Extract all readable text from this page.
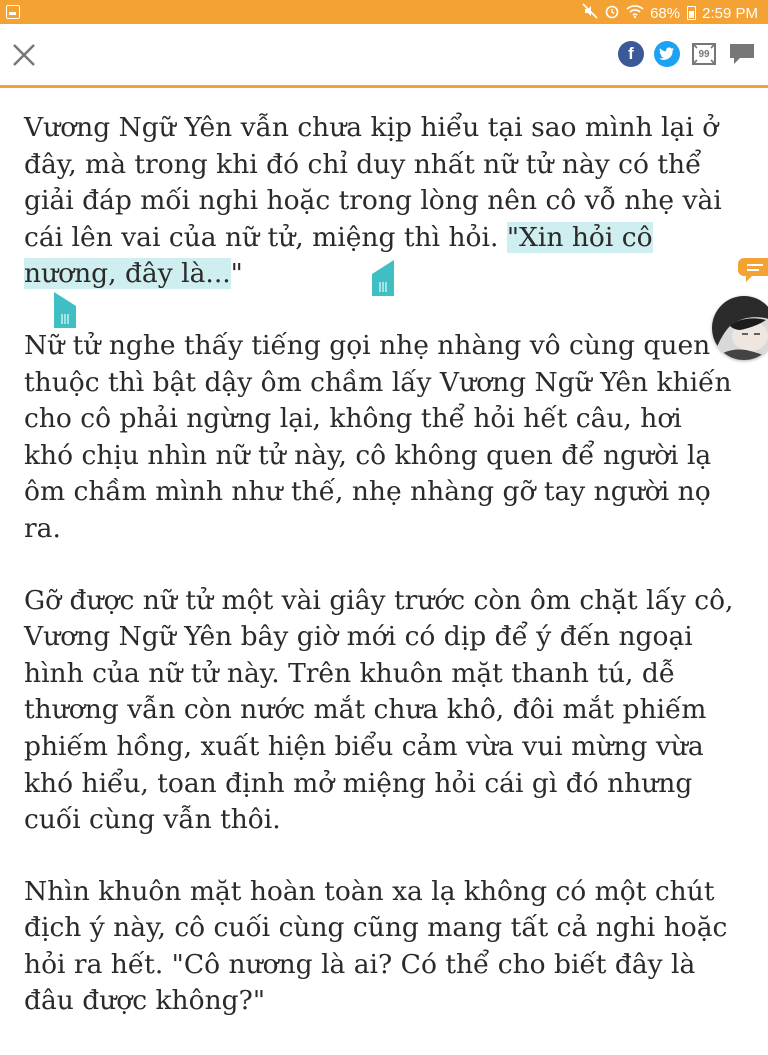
68% 2:59 PM
f	99

Vương Ngữ Yên vẫn chưa kịp hiểu tại sao mình lại ở đây, mà trong khi đó chỉ duy nhất nữ tử này có thể giải đáp mối nghi hoặc trong lòng nên cô vỗ nhẹ vài cái lên vai của nữ tử, miệng thì hỏi. "Xin hỏi cô nương, đây là..."

Nữ tử nghe thấy tiếng gọi nhẹ nhàng vô cùng quen thuộc thì bật dậy ôm chầm lấy Vương Ngữ Yên khiến cho cô phải ngừng lại, không thể hỏi hết câu, hơi khó chịu nhìn nữ tử này, cô không quen để người lạ ôm chầm mình như thế, nhẹ nhàng gỡ tay người nọ ra.

Gỡ được nữ tử một vài giây trước còn ôm chặt lấy cô, Vương Ngữ Yên bây giờ mới có dịp để ý đến ngoại hình của nữ tử này. Trên khuôn mặt thanh tú, dễ thương vẫn còn nước mắt chưa khô, đôi mắt phiếm phiếm hồng, xuất hiện biểu cảm vừa vui mừng vừa khó hiểu, toan định mở miệng hỏi cái gì đó nhưng cuối cùng vẫn thôi.

Nhìn khuôn mặt hoàn toàn xa lạ không có một chút địch ý này, cô cuối cùng cũng mang tất cả nghi hoặc hỏi ra hết. "Cô nương là ai? Có thể cho biết đây là đâu được không?"
